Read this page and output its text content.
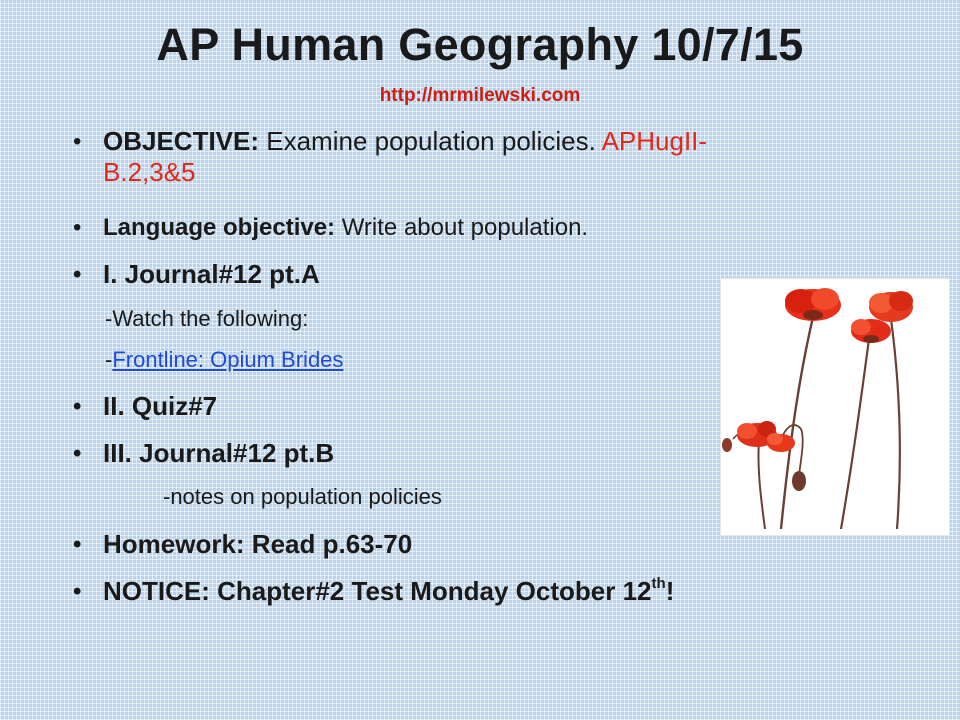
AP Human Geography 10/7/15
http://mrmilewski.com
• OBJECTIVE: Examine population policies. APHugII-
B.2,3&5
• Language objective: Write about population.
• I. Journal#12 pt.A
-Watch the following:
-Frontline: Opium Brides
• II. Quiz#7
• III. Journal#12 pt.B
-notes on population policies
• Homework: Read p.63-70
• NOTICE: Chapter#2 Test Monday October 12th!
